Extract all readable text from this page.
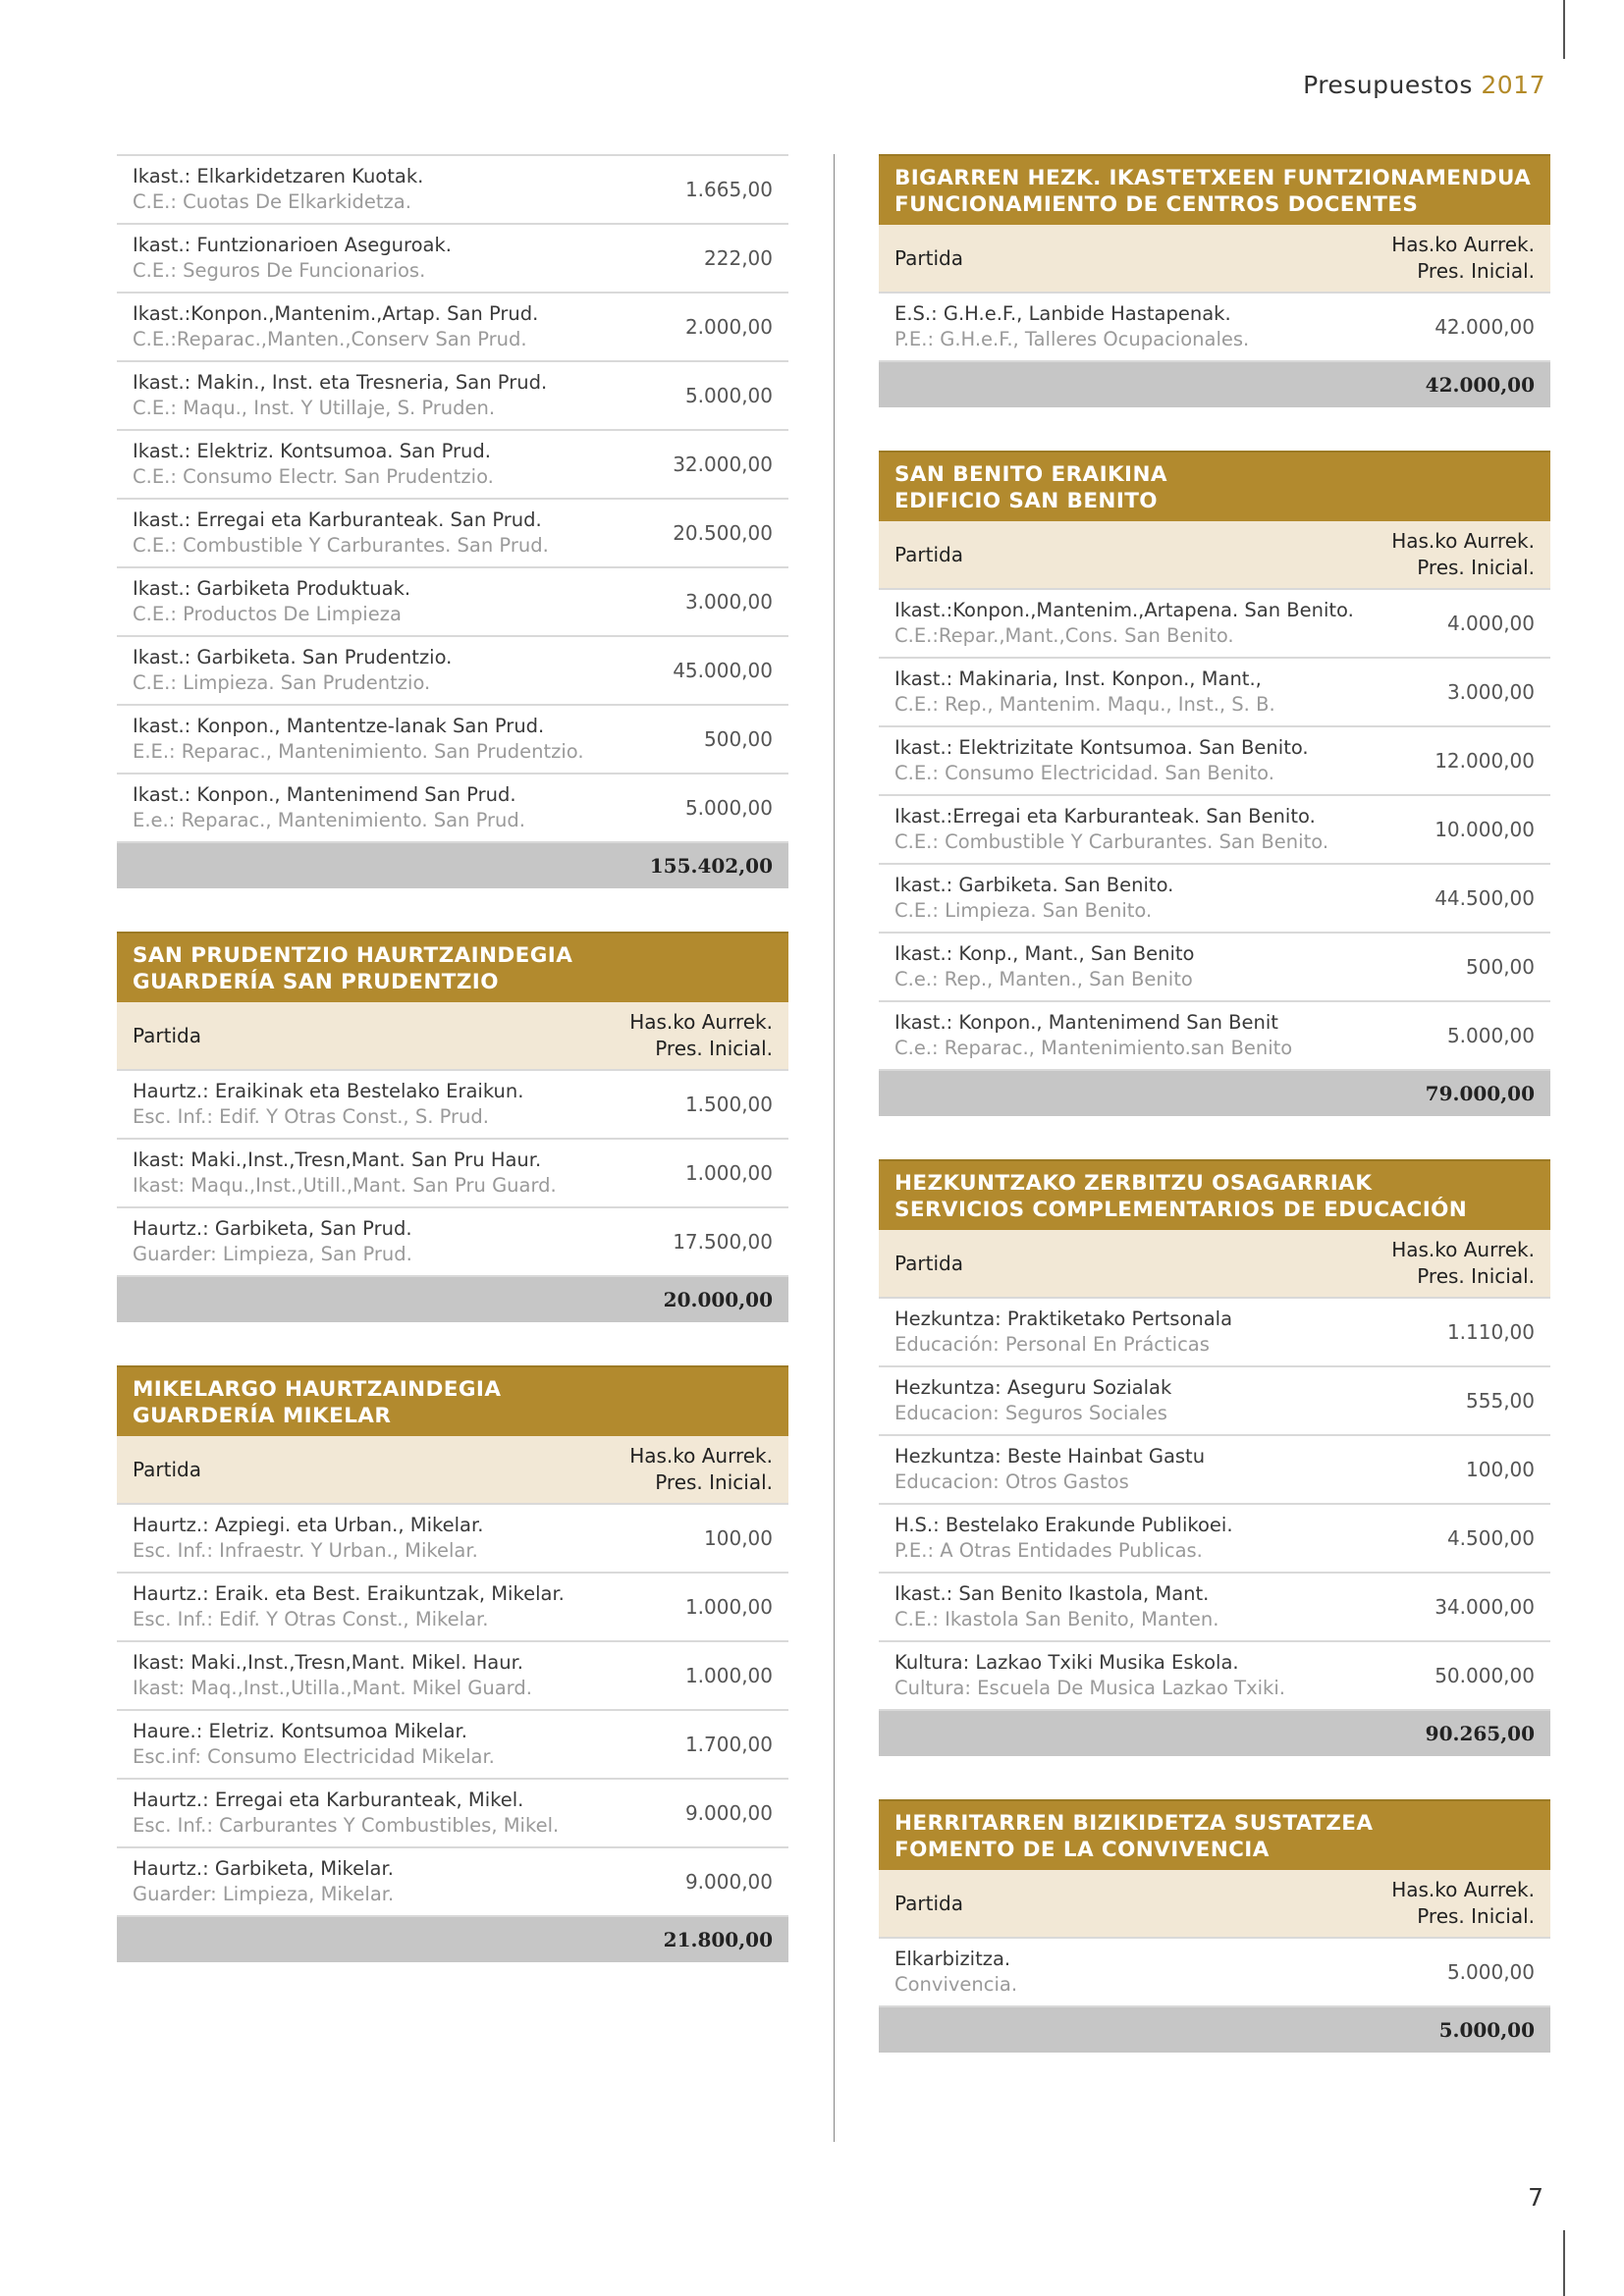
Presupuestos 2017
Ikast.: Elkarkidetzaren Kuotak.
C.E.: Cuotas De Elkarkidetza.
1.665,00
Ikast.: Funtzionarioen Aseguroak.
C.E.: Seguros De Funcionarios.
222,00
Ikast.:Konpon.,Mantenim.,Artap. San Prud.
C.E.:Reparac.,Manten.,Conserv San Prud.
2.000,00
Ikast.: Makin., Inst. eta Tresneria, San Prud.
C.E.: Maqu., Inst. Y Utillaje, S. Pruden.
5.000,00
Ikast.: Elektriz. Kontsumoa. San Prud.
C.E.: Consumo Electr. San Prudentzio.
32.000,00
Ikast.: Erregai eta Karburanteak. San Prud.
C.E.: Combustible Y Carburantes. San Prud.
20.500,00
Ikast.: Garbiketa Produktuak.
C.E.: Productos De Limpieza
3.000,00
Ikast.: Garbiketa. San Prudentzio.
C.E.: Limpieza. San Prudentzio.
45.000,00
Ikast.: Konpon., Mantentze-lanak San Prud.
E.E.: Reparac., Mantenimiento. San Prudentzio.
500,00
Ikast.: Konpon., Mantenimend San Prud.
E.e.: Reparac., Mantenimiento. San Prud.
5.000,00
155.402,00
SAN PRUDENTZIO HAURTZAINDEGIA
GUARDERÍA SAN PRUDENTZIO
Partida
Has.ko Aurrek.
Pres. Inicial.
Haurtz.: Eraikinak eta Bestelako Eraikun.
Esc. Inf.: Edif. Y Otras Const., S. Prud.
1.500,00
Ikast: Maki.,Inst.,Tresn,Mant. San Pru Haur.
Ikast: Maqu.,Inst.,Utill.,Mant. San Pru Guard.
1.000,00
Haurtz.: Garbiketa, San Prud.
Guarder: Limpieza, San Prud.
17.500,00
20.000,00
MIKELARGO HAURTZAINDEGIA
GUARDERÍA MIKELAR
Partida
Has.ko Aurrek.
Pres. Inicial.
Haurtz.: Azpiegi. eta Urban., Mikelar.
Esc. Inf.: Infraestr. Y Urban., Mikelar.
100,00
Haurtz.: Eraik. eta Best. Eraikuntzak, Mikelar.
Esc. Inf.: Edif. Y Otras Const., Mikelar.
1.000,00
Ikast: Maki.,Inst.,Tresn,Mant. Mikel. Haur.
Ikast: Maq.,Inst.,Utilla.,Mant. Mikel Guard.
1.000,00
Haure.: Eletriz. Kontsumoa Mikelar.
Esc.inf: Consumo Electricidad Mikelar.
1.700,00
Haurtz.: Erregai eta Karburanteak, Mikel.
Esc. Inf.: Carburantes Y Combustibles, Mikel.
9.000,00
Haurtz.: Garbiketa, Mikelar.
Guarder: Limpieza, Mikelar.
9.000,00
21.800,00
BIGARREN HEZK. IKASTETXEEN FUNTZIONAMENDUA
FUNCIONAMIENTO DE CENTROS DOCENTES
Partida
Has.ko Aurrek.
Pres. Inicial.
E.S.: G.H.e.F., Lanbide Hastapenak.
P.E.: G.H.e.F., Talleres Ocupacionales.
42.000,00
42.000,00
SAN BENITO ERAIKINA
EDIFICIO SAN BENITO
Partida
Has.ko Aurrek.
Pres. Inicial.
Ikast.:Konpon.,Mantenim.,Artapena. San Benito.
C.E.:Repar.,Mant.,Cons. San Benito.
4.000,00
Ikast.: Makinaria, Inst. Konpon., Mant.,
C.E.: Rep., Mantenim. Maqu., Inst., S. B.
3.000,00
Ikast.: Elektrizitate Kontsumoa. San Benito.
C.E.: Consumo Electricidad. San Benito.
12.000,00
Ikast.:Erregai eta Karburanteak. San Benito.
C.E.: Combustible Y Carburantes. San Benito.
10.000,00
Ikast.: Garbiketa. San Benito.
C.E.: Limpieza. San Benito.
44.500,00
Ikast.: Konp., Mant., San Benito
C.e.: Rep., Manten., San Benito
500,00
Ikast.: Konpon., Mantenimend San Benit
C.e.: Reparac., Mantenimiento.san Benito
5.000,00
79.000,00
HEZKUNTZAKO ZERBITZU OSAGARRIAK
SERVICIOS COMPLEMENTARIOS DE EDUCACIÓN
Partida
Has.ko Aurrek.
Pres. Inicial.
Hezkuntza: Praktiketako Pertsonala
Educación: Personal En Prácticas
1.110,00
Hezkuntza: Aseguru Sozialak
Educacion: Seguros Sociales
555,00
Hezkuntza: Beste Hainbat Gastu
Educacion: Otros Gastos
100,00
H.S.: Bestelako Erakunde Publikoei.
P.E.: A Otras Entidades Publicas.
4.500,00
Ikast.: San Benito Ikastola, Mant.
C.E.: Ikastola San Benito, Manten.
34.000,00
Kultura: Lazkao Txiki Musika Eskola.
Cultura: Escuela De Musica Lazkao Txiki.
50.000,00
90.265,00
HERRITARREN BIZIKIDETZA SUSTATZEA
FOMENTO DE LA CONVIVENCIA
Partida
Has.ko Aurrek.
Pres. Inicial.
Elkarbizitza.
Convivencia.
5.000,00
5.000,00
7
